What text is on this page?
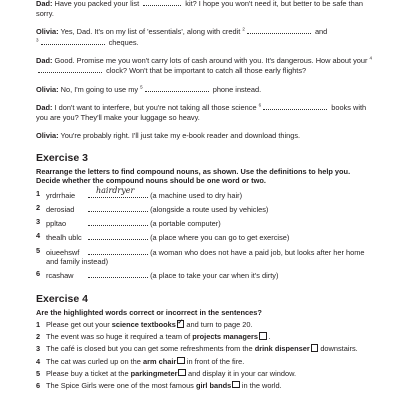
Dad: Have you packed your list	kit? I hope you won't need it, but better to be safe than sorry.

Olivia: Yes, Dad. It's on my list of 'essentials', along with credit $^2$	and
$^3$	cheques.

Dad: Good. Promise me you won't carry lots of cash around with you. It's dangerous. How about your $^4$ clock? Won't that be important to catch all those early flights?

Olivia: No, I'm going to use my $^5$	phone instead.

Dad: I don't want to interfere, but you're not taking all those science $^6$	books with you are you? They'll make your luggage so heavy.

Olivia: You're probably right. I'll just take my e-book reader and download things.

Exercise 3

Rearrange the letters to find compound nouns, as shown. Use the definitions to help you. Decide whether the compound nouns should be one word or two.

1 yrdrrhaie
hairdryer
(a machine used to dry hair)
2 derosiad	(alongside a route used by vehicles)
3 ppltao	(a portable computer)
4 thealh ublc	(a place where you can go to get exercise)
5 oiueehswf	(a woman who does not have a paid job, but looks after her home and family instead)
6 rcashaw	(a place to take your car when it's dirty)
Exercise 4

Are the highlighted words correct or incorrect in the sentences?

1 Please get out your science textbooks✓ and turn to page 20.
2 The event was so huge it required a team of projects managers .
3 The café is closed but you can get some refreshments from the drink dispenser downstairs.
4 The cat was curled up on the arm chair in front of the fire.
5 Please buy a ticket at the parkingmeter and display it in your car window.
6 The Spice Girls were one of the most famous girl bands in the world.
